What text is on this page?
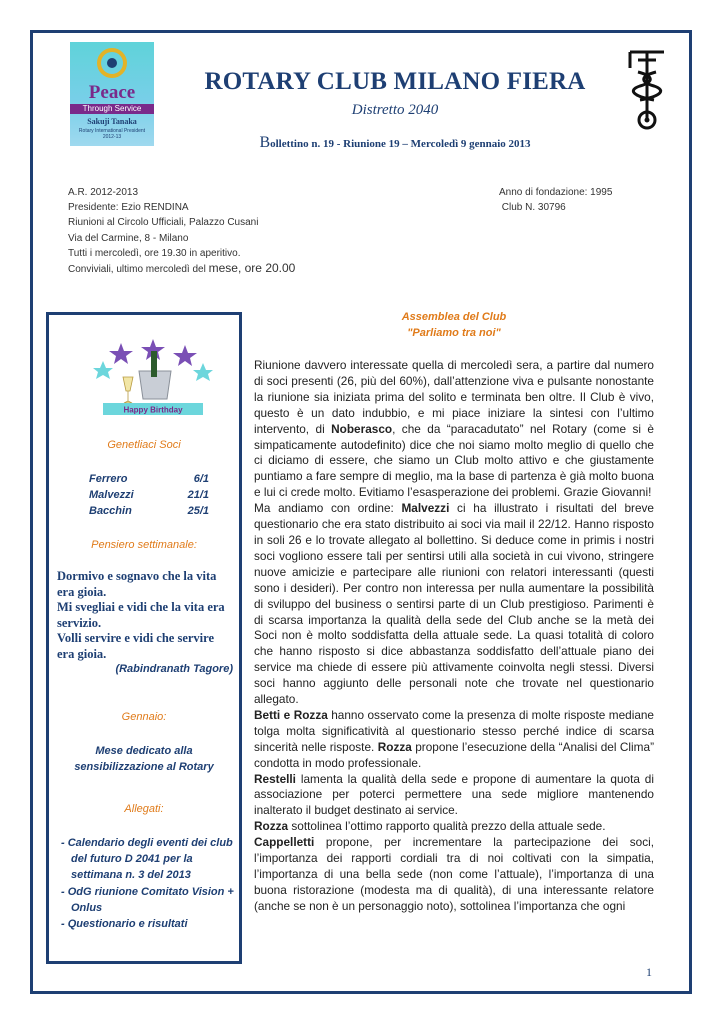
Peace
Through Service
Sakuji Tanaka
Rotary International President
2012-13
ROTARY CLUB MILANO FIERA
Distretto 2040
Bollettino n. 19 - Riunione 19 – Mercoledì 9 gennaio 2013
A.R. 2012-2013
Presidente: Ezio RENDINA
Riunioni al Circolo Ufficiali, Palazzo Cusani
Via del Carmine, 8 - Milano
Tutti i mercoledì, ore 19.30 in aperitivo.
Conviviali, ultimo mercoledì del mese, ore 20.00
Anno di fondazione: 1995
Club N. 30796
Happy Birthday
Genetliaci Soci
Ferrero	6/1
Malvezzi	21/1
Bacchin	25/1
Pensiero settimanale:
Dormivo e sognavo che la vita era gioia.
Mi svegliai e vidi che la vita era servizio.
Volli servire e vidi che servire era gioia.
(Rabindranath Tagore)
Gennaio:
Mese dedicato alla sensibilizzazione al Rotary
Allegati:
- Calendario degli eventi dei club del futuro D 2041 per la settimana n. 3 del 2013
- OdG riunione Comitato Vision + Onlus
- Questionario e risultati
Assemblea del Club
"Parliamo tra noi"

Riunione davvero interessate quella di mercoledì sera, a partire dal numero di soci presenti (26, più del 60%), dall’attenzione viva e pulsante nonostante la riunione sia iniziata prima del solito e terminata ben oltre. Il Club è vivo, questo è un dato indubbio, e mi piace iniziare la sintesi con l’ultimo intervento, di Noberasco, che da “paracadutato” nel Rotary (come si è simpaticamente autodefinito) dice che noi siamo molto meglio di quello che ci diciamo di essere, che siamo un Club molto attivo e che giustamente puntiamo a fare sempre di meglio, ma la base di partenza è già molto buona e lui ci crede molto. Evitiamo l’esasperazione dei problemi. Grazie Giovanni!

Ma andiamo con ordine: Malvezzi ci ha illustrato i risultati del breve questionario che era stato distribuito ai soci via mail il 22/12. Hanno risposto in soli 26 e lo trovate allegato al bollettino. Si deduce come in primis i nostri soci vogliono essere tali per sentirsi utili alla società in cui vivono, stringere nuove amicizie e partecipare alle riunioni con relatori interessanti (questi sono i desideri). Per contro non interessa per nulla aumentare la possibilità di sviluppo del business o sentirsi parte di un Club prestigioso. Parimenti è di scarsa importanza la qualità della sede del Club anche se la metà dei Soci non è molto soddisfatta della attuale sede. La quasi totalità di coloro che hanno risposto si dice abbastanza soddisfatto dell’attuale piano dei service ma chiede di essere più attivamente coinvolta negli stessi. Diversi soci hanno aggiunto delle personali note che trovate nel questionario allegato.

Betti e Rozza hanno osservato come la presenza di molte risposte mediane tolga molta significatività al questionario stesso perché indice di scarsa sincerità nelle risposte. Rozza propone l’esecuzione della “Analisi del Clima” condotta in modo professionale.

Restelli lamenta la qualità della sede e propone di aumentare la quota di associazione per poterci permettere una sede migliore mantenendo inalterato il budget destinato ai service.

Rozza sottolinea l’ottimo rapporto qualità prezzo della attuale sede.

Cappelletti propone, per incrementare la partecipazione dei soci, l’importanza dei rapporti cordiali tra di noi coltivati con la simpatia, l’importanza di una bella sede (non come l’attuale), l’importanza di una buona ristorazione (modesta ma di qualità), di una interessante relatore (anche se non è un personaggio noto), sottolinea l’importanza che ogni

1
